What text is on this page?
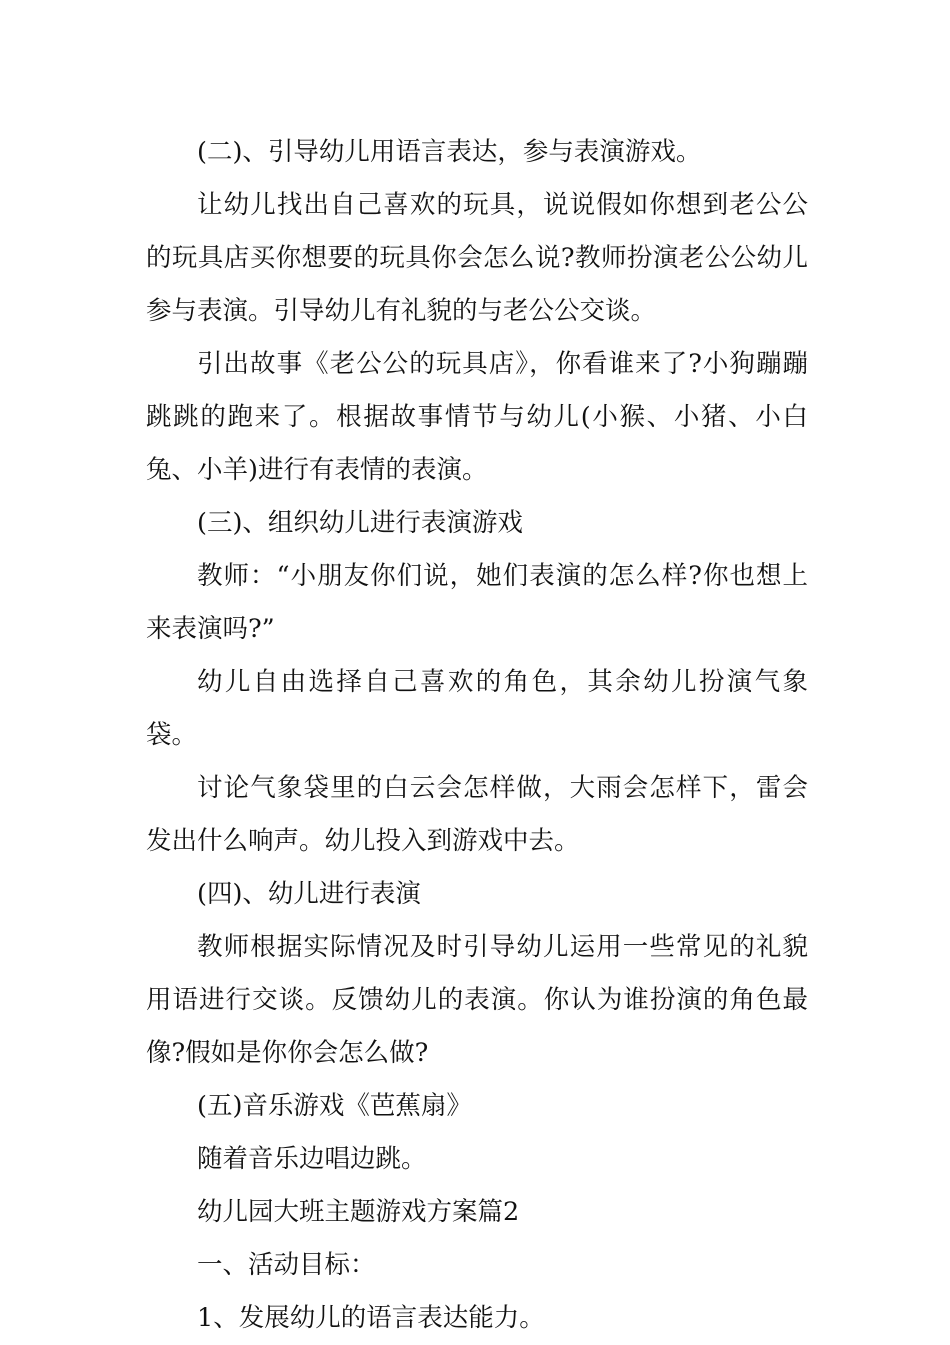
(二)、引导幼儿用语言表达，参与表演游戏。

让幼儿找出自己喜欢的玩具，说说假如你想到老公公的玩具店买你想要的玩具你会怎么说?教师扮演老公公幼儿参与表演。引导幼儿有礼貌的与老公公交谈。

引出故事《老公公的玩具店》，你看谁来了?小狗蹦蹦跳跳的跑来了。根据故事情节与幼儿(小猴、小猪、小白兔、小羊)进行有表情的表演。

(三)、组织幼儿进行表演游戏

教师：“小朋友你们说，她们表演的怎么样?你也想上来表演吗?”

幼儿自由选择自己喜欢的角色，其余幼儿扮演气象袋。

讨论气象袋里的白云会怎样做，大雨会怎样下，雷会发出什么响声。幼儿投入到游戏中去。

(四)、幼儿进行表演

教师根据实际情况及时引导幼儿运用一些常见的礼貌用语进行交谈。反馈幼儿的表演。你认为谁扮演的角色最像?假如是你你会怎么做?

(五)音乐游戏《芭蕉扇》

随着音乐边唱边跳。

幼儿园大班主题游戏方案篇2

一、活动目标：

1、发展幼儿的语言表达能力。
